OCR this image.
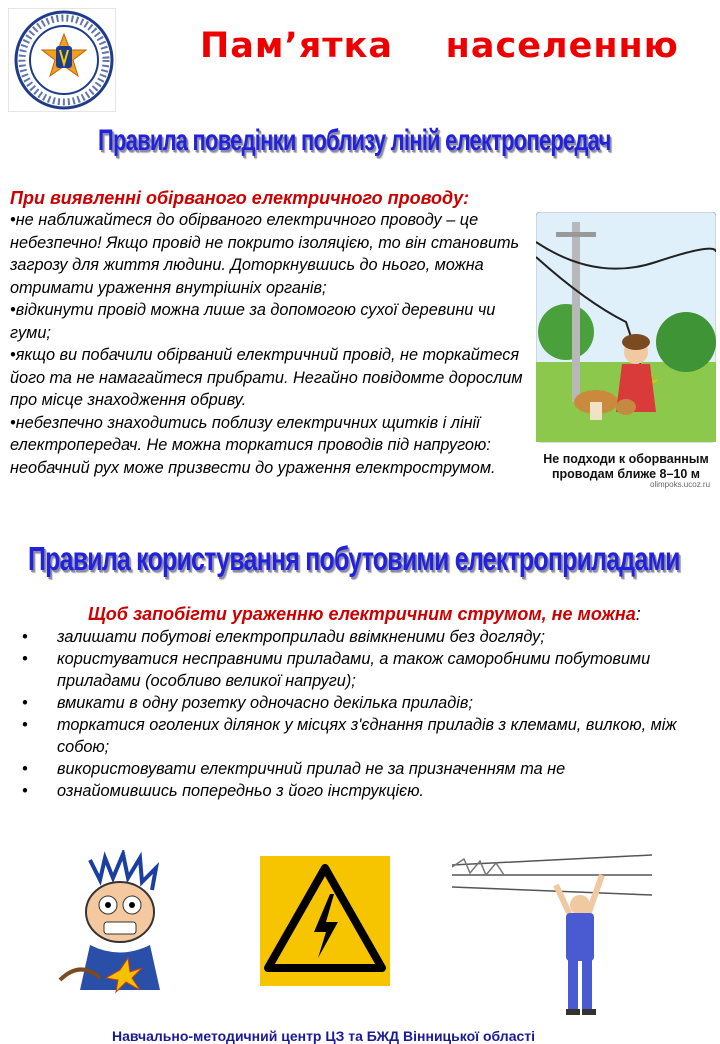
Пам’ятка    населенню
Правила поведінки поблизу ліній електропередач

При виявленні обірваного електричного проводу:

•не наближайтеся до обірваного електричного проводу – це небезпечно! Якщо провід не покрито ізоляцією, то він становить загрозу для життя людини. Доторкнувшись до нього, можна отримати ураження внутрішніх органів;

•відкинути провід можна лише за допомогою сухої деревини чи гуми;

•якщо ви побачили обірваний електричний провід, не торкайтеся його та не намагайтеся прибрати. Негайно повідомте дорослим про місце знаходження обриву.

•небезпечно знаходитись поблизу електричних щитків і лінії електропередач. Не можна торкатися проводів під напругою: необачний рух може призвести до ураження електрострумом.	Не подходи к оборванным проводам ближе 8–10 м
olimpoks.ucoz.ru
Правила користування побутовими електроприладами

Щоб запобігти ураженню електричним струмом, не можна:

•	залишати побутові електроприлади ввімкненими без догляду;
•	користуватися несправними приладами, а також саморобними побутовими приладами (особливо великої напруги);
•	вмикати в одну розетку одночасно декілька приладів;
•	торкатися оголених ділянок у місцях з'єднання приладів з клемами, вилкою, між собою;
•	використовувати електричний прилад не за призначенням та не
•	ознайомившись попередньо з його інструкцією.
Навчально-методичний центр ЦЗ та БЖД Вінницької області
